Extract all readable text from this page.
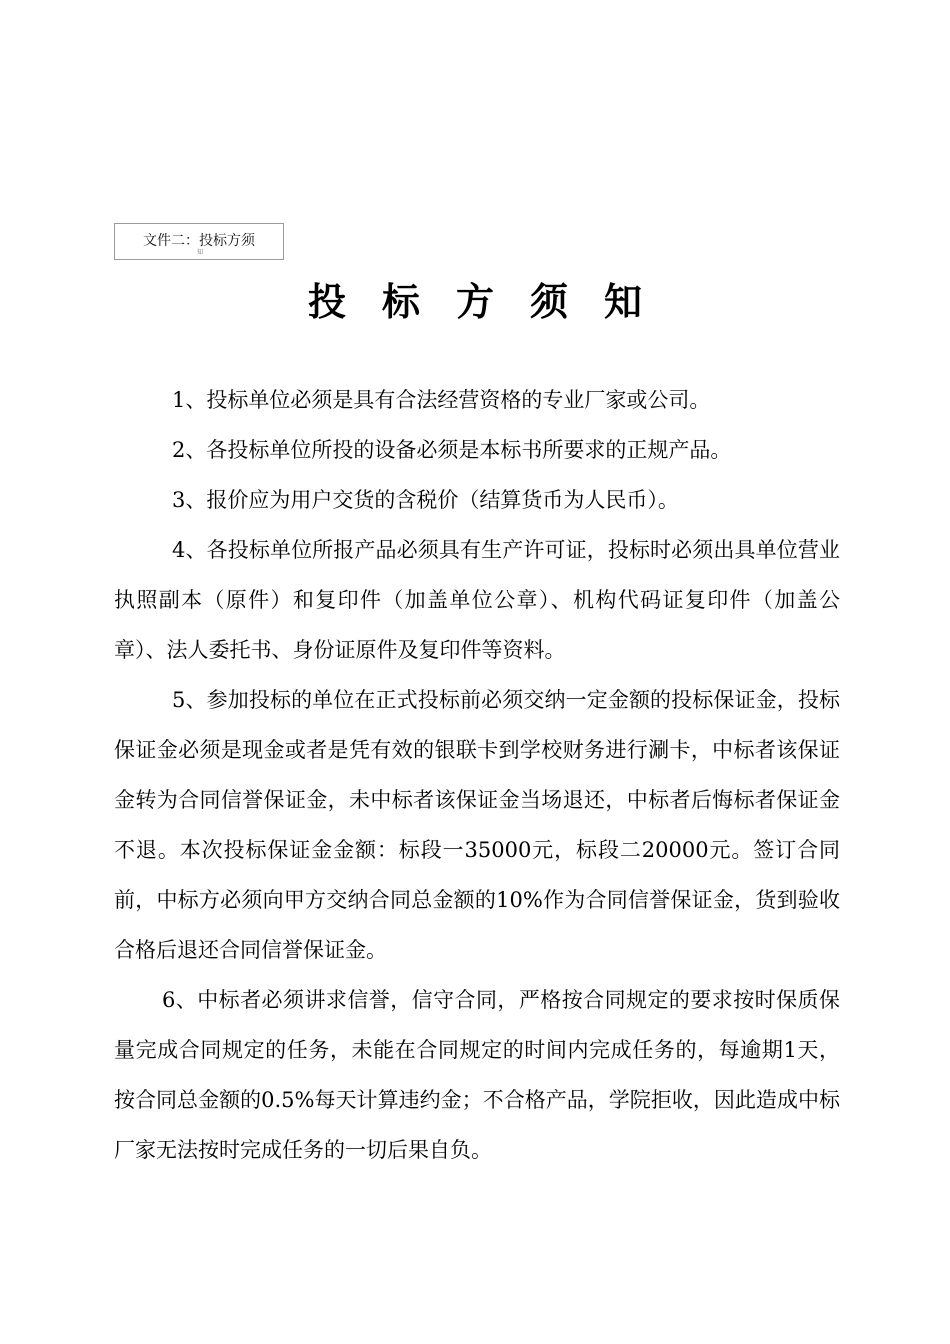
文件二：投标方须
知
投标方须知

1、投标单位必须是具有合法经营资格的专业厂家或公司。

2、各投标单位所投的设备必须是本标书所要求的正规产品。

3、报价应为用户交货的含税价（结算货币为人民币）。

4、各投标单位所报产品必须具有生产许可证，投标时必须出具单位营业执照副本（原件）和复印件（加盖单位公章）、机构代码证复印件（加盖公章）、法人委托书、身份证原件及复印件等资料。

5、参加投标的单位在正式投标前必须交纳一定金额的投标保证金，投标保证金必须是现金或者是凭有效的银联卡到学校财务进行涮卡，中标者该保证金转为合同信誉保证金，未中标者该保证金当场退还，中标者后悔标者保证金不退。本次投标保证金金额：标段一35000元，标段二20000元。签订合同前，中标方必须向甲方交纳合同总金额的10%作为合同信誉保证金，货到验收合格后退还合同信誉保证金。

6、中标者必须讲求信誉，信守合同，严格按合同规定的要求按时保质保量完成合同规定的任务，未能在合同规定的时间内完成任务的，每逾期1天，按合同总金额的0.5%每天计算违约金；不合格产品，学院拒收，因此造成中标厂家无法按时完成任务的一切后果自负。
